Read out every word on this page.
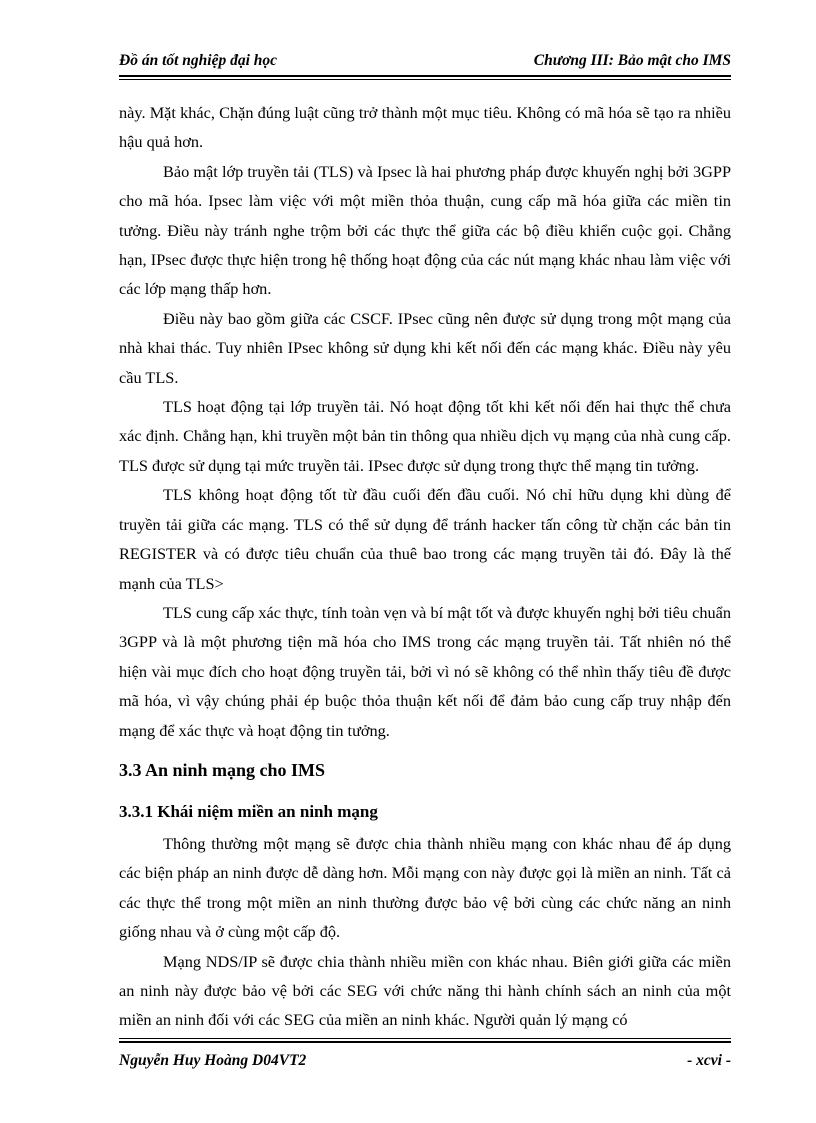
Đồ án tốt nghiệp đại học	Chương III: Bảo mật cho IMS

này. Mặt khác, Chặn đúng luật cũng trở thành một mục tiêu. Không có mã hóa sẽ tạo ra nhiều hậu quả hơn.

Bảo mật lớp truyền tải (TLS) và Ipsec là hai phương pháp được khuyến nghị bởi 3GPP cho mã hóa. Ipsec làm việc với một miền thỏa thuận, cung cấp mã hóa giữa các miền tin tưởng. Điều này tránh nghe trộm bởi các thực thể giữa các bộ điều khiển cuộc gọi. Chẳng hạn, IPsec được thực hiện trong hệ thống hoạt động của các nút mạng khác nhau làm việc với các lớp mạng thấp hơn.

Điều này bao gồm giữa các CSCF. IPsec cũng nên được sử dụng trong một mạng của nhà khai thác. Tuy nhiên IPsec không sử dụng khi kết nối đến các mạng khác. Điều này yêu cầu TLS.

TLS hoạt động tại lớp truyền tải. Nó hoạt động tốt khi kết nối đến hai thực thể chưa xác định. Chẳng hạn, khi truyền một bản tin thông qua nhiều dịch vụ mạng của nhà cung cấp. TLS được sử dụng tại mức truyền tải. IPsec được sử dụng trong thực thể mạng tin tưởng.

TLS không hoạt động tốt từ đầu cuối đến đầu cuối. Nó chỉ hữu dụng khi dùng để truyền tải giữa các mạng. TLS có thể sử dụng để tránh hacker tấn công từ chặn các bản tin REGISTER và có được tiêu chuẩn của thuê bao trong các mạng truyền tải đó. Đây là thế mạnh của TLS>

TLS cung cấp xác thực, tính toàn vẹn và bí mật tốt và được khuyến nghị bởi tiêu chuẩn 3GPP và là một phương tiện mã hóa cho IMS trong các mạng truyền tải. Tất nhiên nó thể hiện vài mục đích cho hoạt động truyền tải, bởi vì nó sẽ không có thể nhìn thấy tiêu đề được mã hóa, vì vậy chúng phải ép buộc thỏa thuận kết nối để đảm bảo cung cấp truy nhập đến mạng để xác thực và hoạt động tin tưởng.

3.3 An ninh mạng cho IMS
3.3.1 Khái niệm miền an ninh mạng

Thông thường một mạng sẽ được chia thành nhiều mạng con khác nhau để áp dụng các biện pháp an ninh được dễ dàng hơn. Mỗi mạng con này được gọi là miền an ninh. Tất cả các thực thể trong một miền an ninh thường được bảo vệ bởi cùng các chức năng an ninh giống nhau và ở cùng một cấp độ.

Mạng NDS/IP sẽ được chia thành nhiều miền con khác nhau. Biên giới giữa các miền an ninh này được bảo vệ bởi các SEG với chức năng thi hành chính sách an ninh của một miền an ninh đối với các SEG của miền an ninh khác. Người quản lý mạng có

Nguyễn Huy Hoàng D04VT2	- xcvi -
